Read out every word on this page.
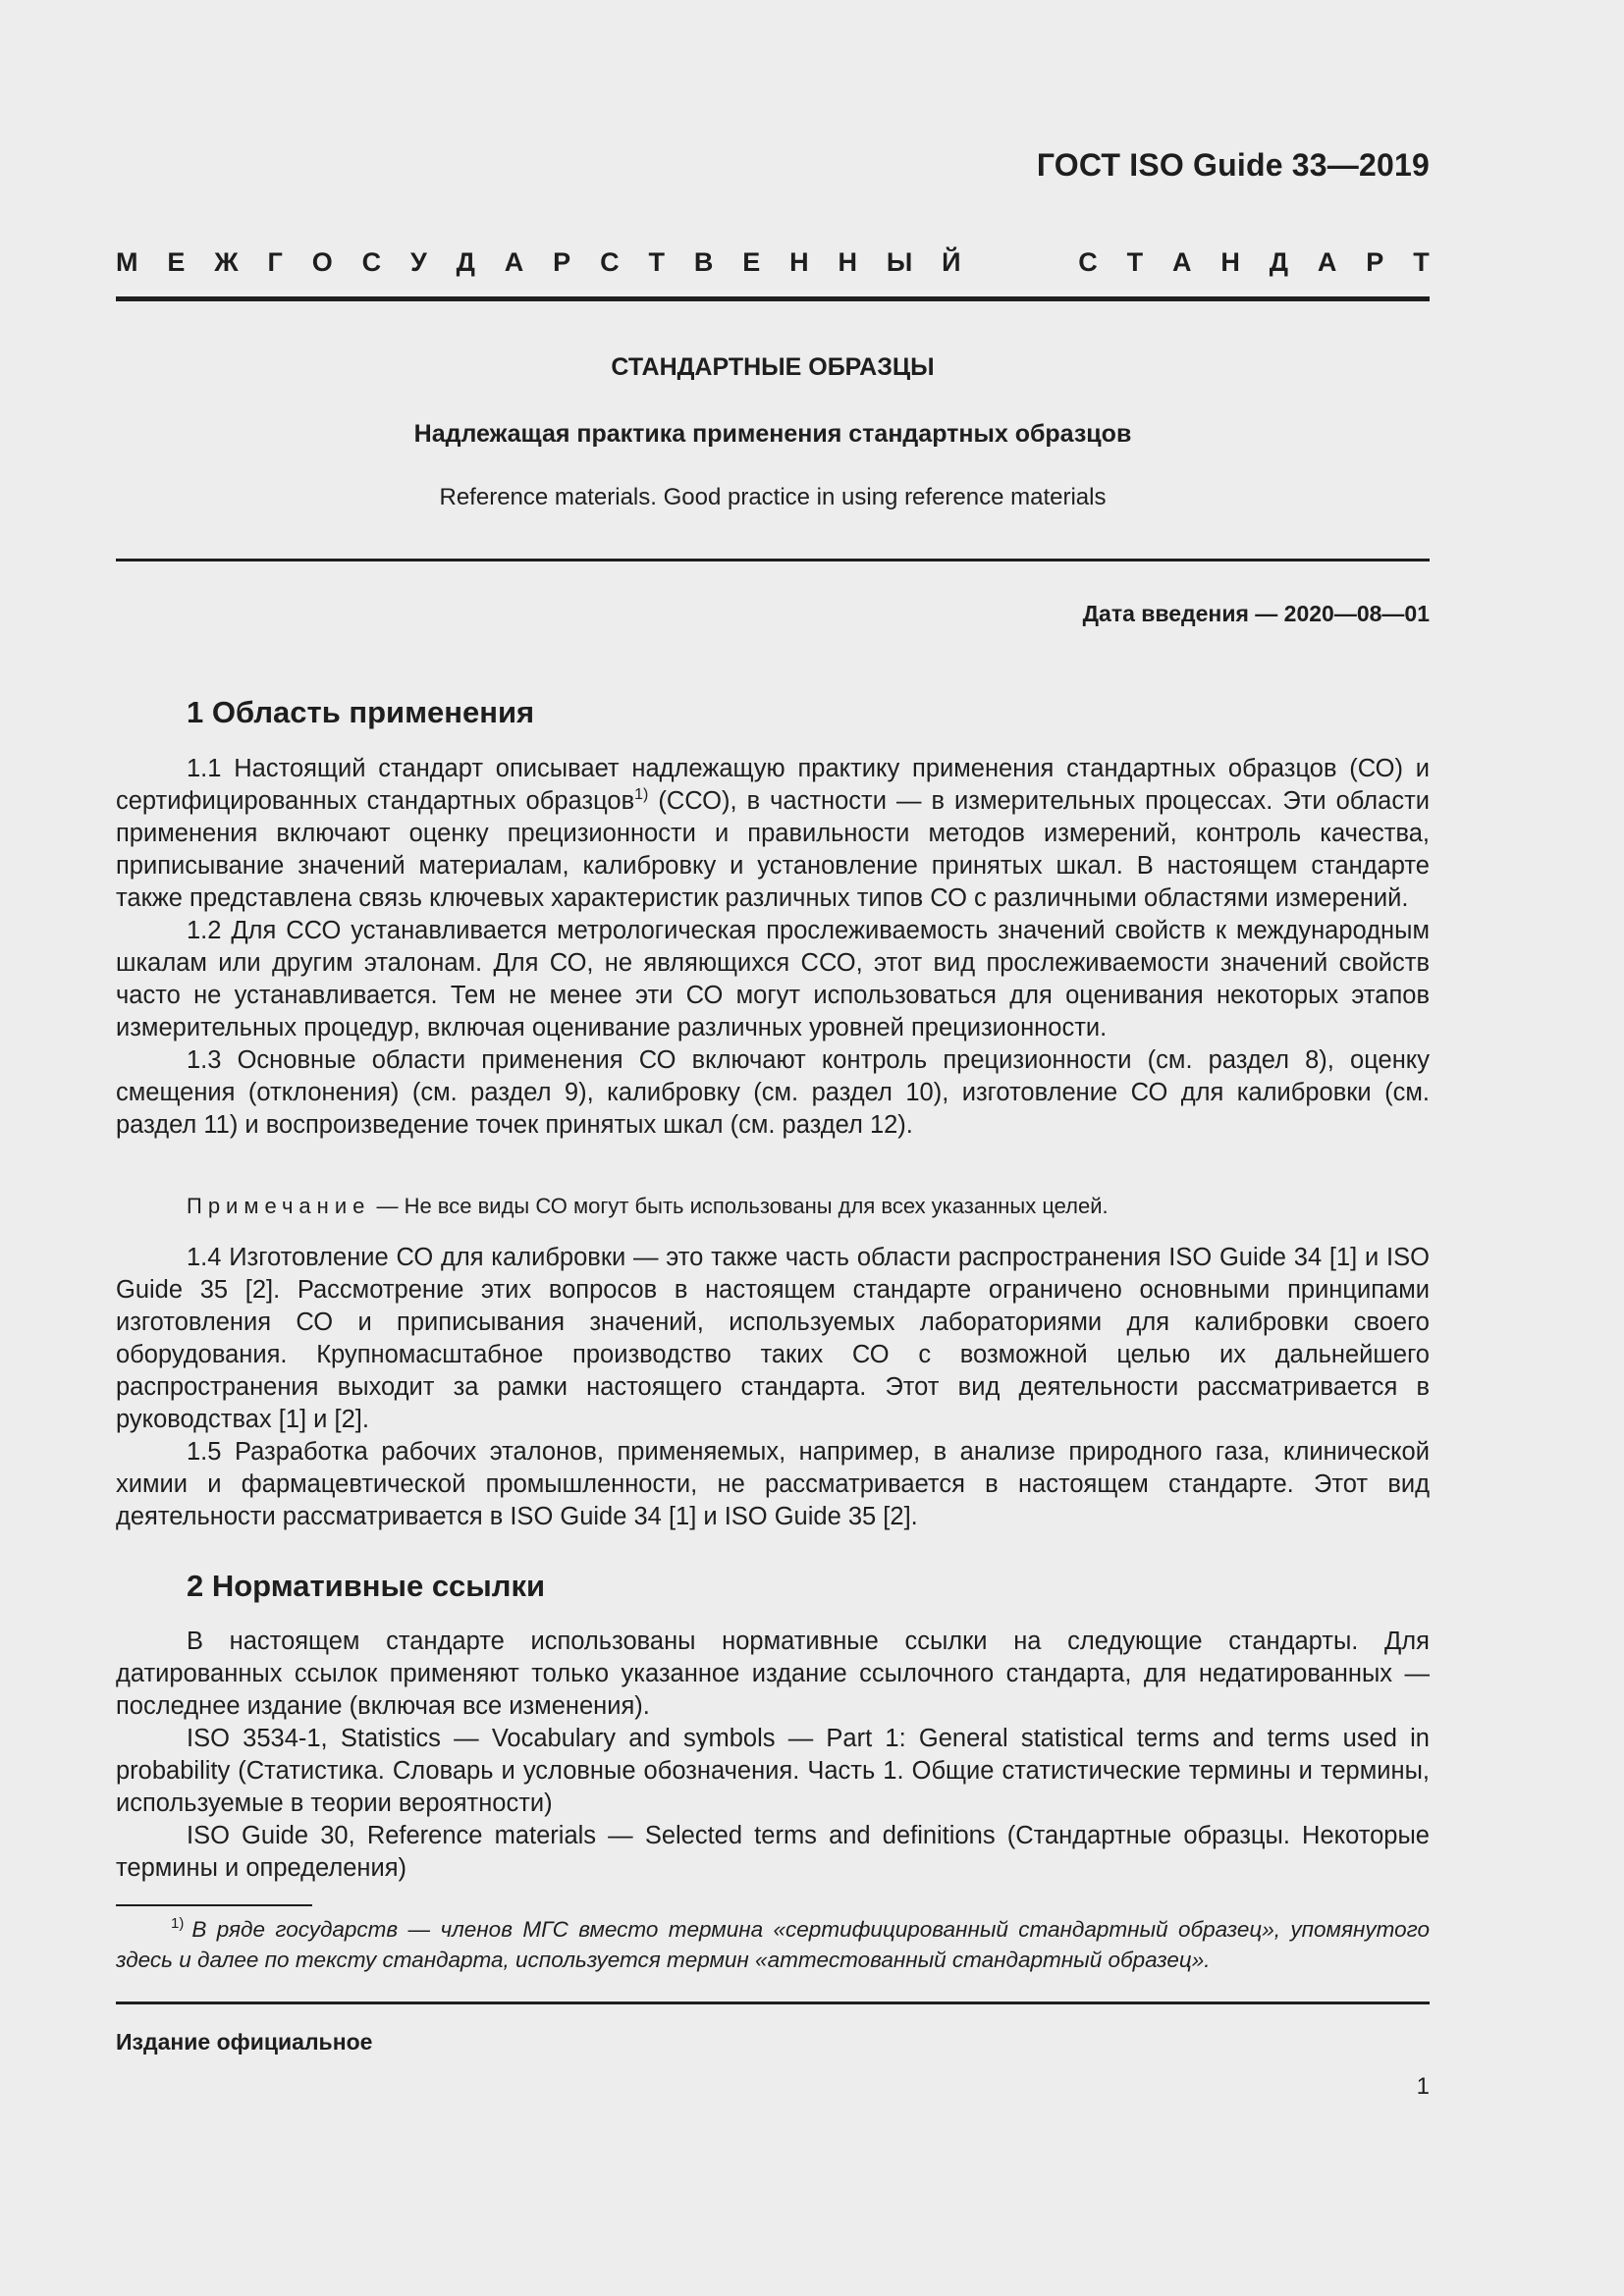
ГОСТ ISO Guide 33—2019
М Е Ж Г О С У Д А Р С Т В Е Н Н Ы Й	С Т А Н Д А Р Т
СТАНДАРТНЫЕ ОБРАЗЦЫ
Надлежащая практика применения стандартных образцов
Reference materials. Good practice in using reference materials
Дата введения — 2020—08—01
1 Область применения

1.1 Настоящий стандарт описывает надлежащую практику применения стандартных образцов (СО) и сертифицированных стандартных образцов$^{1)}$ (ССО), в частности — в измерительных процессах. Эти области применения включают оценку прецизионности и правильности методов измерений, контроль качества, приписывание значений материалам, калибровку и установление принятых шкал. В настоящем стандарте также представлена связь ключевых характеристик различных типов СО с различными областями измерений.

1.2 Для ССО устанавливается метрологическая прослеживаемость значений свойств к международным шкалам или другим эталонам. Для СО, не являющихся ССО, этот вид прослеживаемости значений свойств часто не устанавливается. Тем не менее эти СО могут использоваться для оценивания некоторых этапов измерительных процедур, включая оценивание различных уровней прецизионности.

1.3 Основные области применения СО включают контроль прецизионности (см. раздел 8), оценку смещения (отклонения) (см. раздел 9), калибровку (см. раздел 10), изготовление СО для калибровки (см. раздел 11) и воспроизведение точек принятых шкал (см. раздел 12).

Примечание — Не все виды СО могут быть использованы для всех указанных целей.

1.4 Изготовление СО для калибровки — это также часть области распространения ISO Guide 34 [1] и ISO Guide 35 [2]. Рассмотрение этих вопросов в настоящем стандарте ограничено основными принципами изготовления СО и приписывания значений, используемых лабораториями для калибровки своего оборудования. Крупномасштабное производство таких СО с возможной целью их дальнейшего распространения выходит за рамки настоящего стандарта. Этот вид деятельности рассматривается в руководствах [1] и [2].

1.5 Разработка рабочих эталонов, применяемых, например, в анализе природного газа, клинической химии и фармацевтической промышленности, не рассматривается в настоящем стандарте. Этот вид деятельности рассматривается в ISO Guide 34 [1] и ISO Guide 35 [2].

2 Нормативные ссылки

В настоящем стандарте использованы нормативные ссылки на следующие стандарты. Для датированных ссылок применяют только указанное издание ссылочного стандарта, для недатированных — последнее издание (включая все изменения).

ISO 3534-1, Statistics — Vocabulary and symbols — Part 1: General statistical terms and terms used in probability (Статистика. Словарь и условные обозначения. Часть 1. Общие статистические термины и термины, используемые в теории вероятности)

ISO Guide 30, Reference materials — Selected terms and definitions (Стандартные образцы. Некоторые термины и определения)

$^{1)}$ В ряде государств — членов МГС вместо термина «сертифицированный стандартный образец», упомянутого здесь и далее по тексту стандарта, используется термин «аттестованный стандартный образец».

Издание официальное
1
